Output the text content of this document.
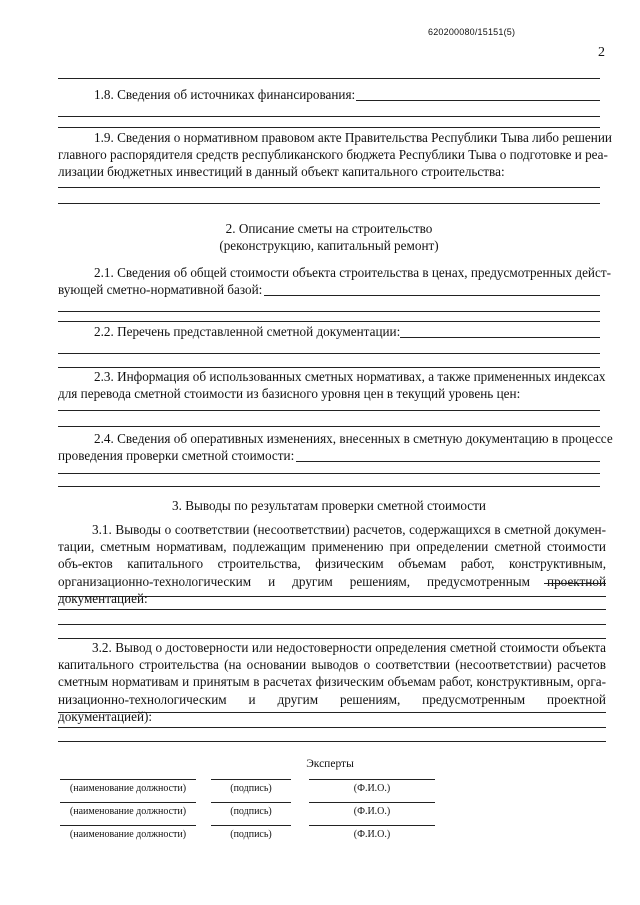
620200080/15151(5)
2
1.8. Сведения об источниках финансирования:
1.9. Сведения о нормативном правовом акте Правительства Республики Тыва либо решении
главного распорядителя средств республиканского бюджета Республики Тыва о подготовке и реа-
лизации бюджетных инвестиций в данный объект капитального строительства:
2. Описание сметы на строительство
(реконструкцию, капитальный ремонт)
2.1. Сведения об общей стоимости объекта строительства в ценах, предусмотренных дейст-
вующей сметно-нормативной базой:
2.2. Перечень представленной сметной документации:
2.3. Информация об использованных сметных нормативах, а также примененных индексах
для перевода сметной стоимости из базисного уровня цен в текущий уровень цен:
2.4. Сведения об оперативных изменениях, внесенных в сметную документацию в процессе
проведения проверки сметной стоимости:
3. Выводы по результатам проверки сметной стоимости
3.1. Выводы о соответствии (несоответствии) расчетов, содержащихся в сметной докумен-тации, сметным нормативам, подлежащим применению при определении сметной стоимости объ-ектов капитального строительства, физическим объемам работ, конструктивным, организационно-технологическим и другим решениям, предусмотренным проектной документацией:
3.2. Вывод о достоверности или недостоверности определения сметной стоимости объекта капитального строительства (на основании выводов о соответствии (несоответствии) расчетов сметным нормативам и принятым в расчетах физическим объемам работ, конструктивным, орга-низационно-технологическим и другим решениям, предусмотренным проектной документацией):
Эксперты
(наименование должности)	(подпись)	(Ф.И.О.)
(наименование должности)	(подпись)	(Ф.И.О.)
(наименование должности)	(подпись)	(Ф.И.О.)
